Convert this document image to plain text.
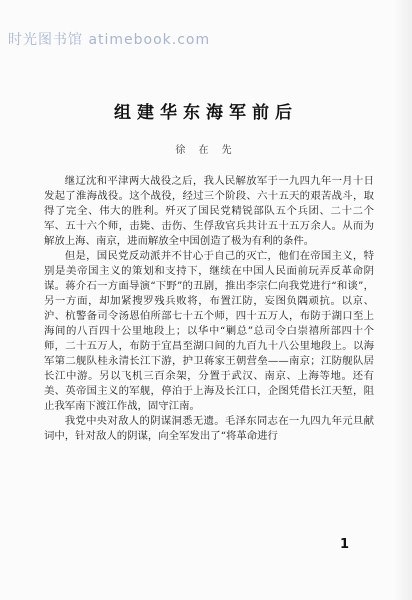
时光图书馆 atimebook.com
组建华东海军前后
徐 在 先

继辽沈和平津两大战役之后，我人民解放军于一九四九年一月十日发起了淮海战役。这个战役，经过三个阶段、六十五天的艰苦战斗，取得了完全、伟大的胜利。歼灭了国民党精锐部队五个兵团、二十二个军、五十六个师，击毙、击伤、生俘敌官兵共计五十五万余人。从而为解放上海、南京，进而解放全中国创造了极为有利的条件。

但是，国民党反动派并不甘心于自己的灭亡，他们在帝国主义，特别是美帝国主义的策划和支持下，继续在中国人民面前玩弄反革命阴谋。蒋介石一方面导演“下野”的丑剧，推出李宗仁向我党进行“和谈”，另一方面，却加紧搜罗残兵败将，布置江防，妄图负隅顽抗。以京、沪、杭警备司令汤恩伯所部七十五个师，四十五万人，布防于湖口至上海间的八百四十公里地段上；以华中“剿总”总司令白崇禧所部四十个师，二十五万人，布防于宜昌至湖口间的九百九十八公里地段上。以海军第二舰队桂永清长江下游，护卫蒋家王朝营垒——南京；江防舰队居长江中游。另以飞机三百余架，分置于武汉、南京、上海等地。还有美、英帝国主义的军舰，停泊于上海及长江口，企图凭借长江天堑，阻止我军南下渡江作战，固守江南。

我党中央对敌人的阴谋洞悉无遗。毛泽东同志在一九四九年元旦献词中，针对敌人的阴谋，向全军发出了“将革命进行

1
